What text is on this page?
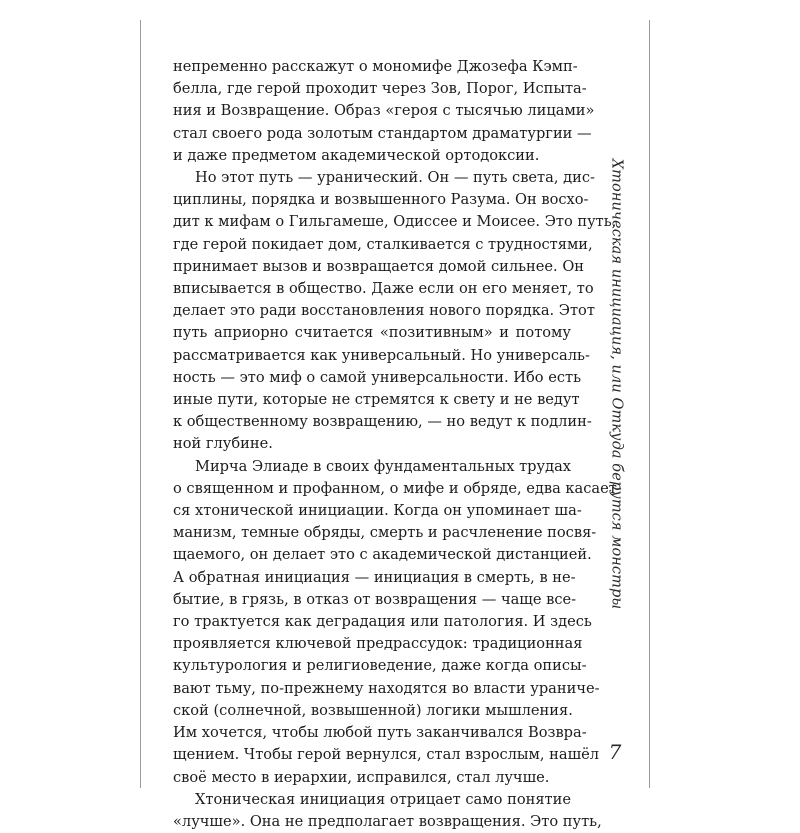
непременно расскажут о мономифе Джозефа Кэмп-
белла, где герой проходит через Зов, Порог, Испыта-
ния и Возвращение. Образ «героя с тысячью лицами»
стал своего рода золотым стандартом драматургии —
и даже предметом академической ортодоксии.
Но этот путь — уранический. Он — путь света, дис-
циплины, порядка и возвышенного Разума. Он восхо-
дит к мифам о Гильгамеше, Одиссее и Моисее. Это путь,
где герой покидает дом, сталкивается с трудностями,
принимает вызов и возвращается домой сильнее. Он
вписывается в общество. Даже если он его меняет, то
делает это ради восстановления нового порядка. Этот
путь априорно считается «позитивным» и потому
рассматривается как универсальный. Но универсаль-
ность — это миф о самой универсальности. Ибо есть
иные пути, которые не стремятся к свету и не ведут
к общественному возвращению, — но ведут к подлин-
ной глубине.
Мирча Элиаде в своих фундаментальных трудах
о священном и профанном, о мифе и обряде, едва касает-
ся хтонической инициации. Когда он упоминает ша-
манизм, темные обряды, смерть и расчленение посвя-
щаемого, он делает это с академической дистанцией.
А обратная инициация — инициация в смерть, в не-
бытие, в грязь, в отказ от возвращения — чаще все-
го трактуется как деградация или патология. И здесь
проявляется ключевой предрассудок: традиционная
культурология и религиоведение, даже когда описы-
вают тьму, по-прежнему находятся во власти ураниче-
ской (солнечной, возвышенной) логики мышления.
Им хочется, чтобы любой путь заканчивался Возвра-
щением. Чтобы герой вернулся, стал взрослым, нашёл
своё место в иерархии, исправился, стал лучше.
Хтоническая инициация отрицает само понятие
«лучше». Она не предполагает возвращения. Это путь,
Хтоническая инициация, или Откуда берутся монстры
7
